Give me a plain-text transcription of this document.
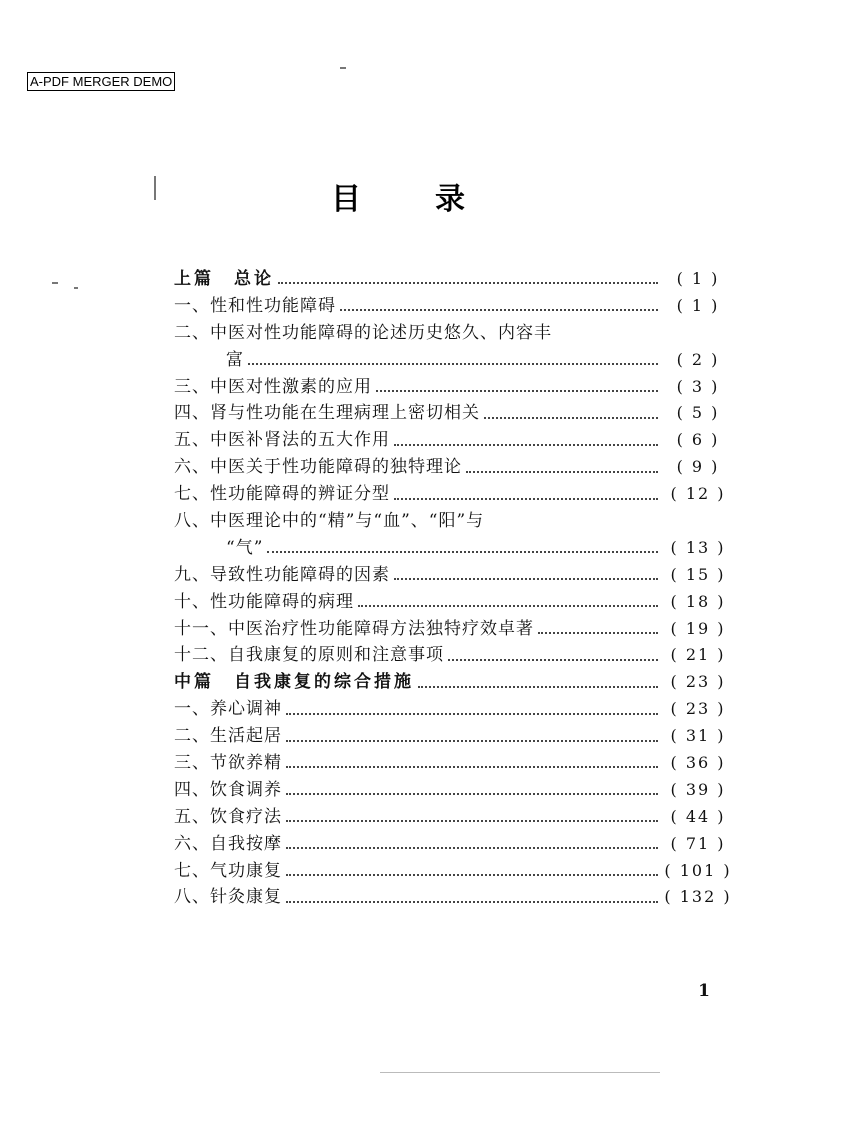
A-PDF MERGER DEMO
目录
上篇　总论	( 1 )
一、性和性功能障碍	( 1 )
二、中医对性功能障碍的论述历史悠久、内容丰
富	( 2 )
三、中医对性激素的应用	( 3 )
四、肾与性功能在生理病理上密切相关	( 5 )
五、中医补肾法的五大作用	( 6 )
六、中医关于性功能障碍的独特理论	( 9 )
七、性功能障碍的辨证分型	( 12 )
八、中医理论中的“精”与“血”、“阳”与
“气”	( 13 )
九、导致性功能障碍的因素	( 15 )
十、性功能障碍的病理	( 18 )
十一、中医治疗性功能障碍方法独特疗效卓著	( 19 )
十二、自我康复的原则和注意事项	( 21 )
中篇　自我康复的综合措施	( 23 )
一、养心调神	( 23 )
二、生活起居	( 31 )
三、节欲养精	( 36 )
四、饮食调养	( 39 )
五、饮食疗法	( 44 )
六、自我按摩	( 71 )
七、气功康复	( 101 )
八、针灸康复	( 132 )
1
